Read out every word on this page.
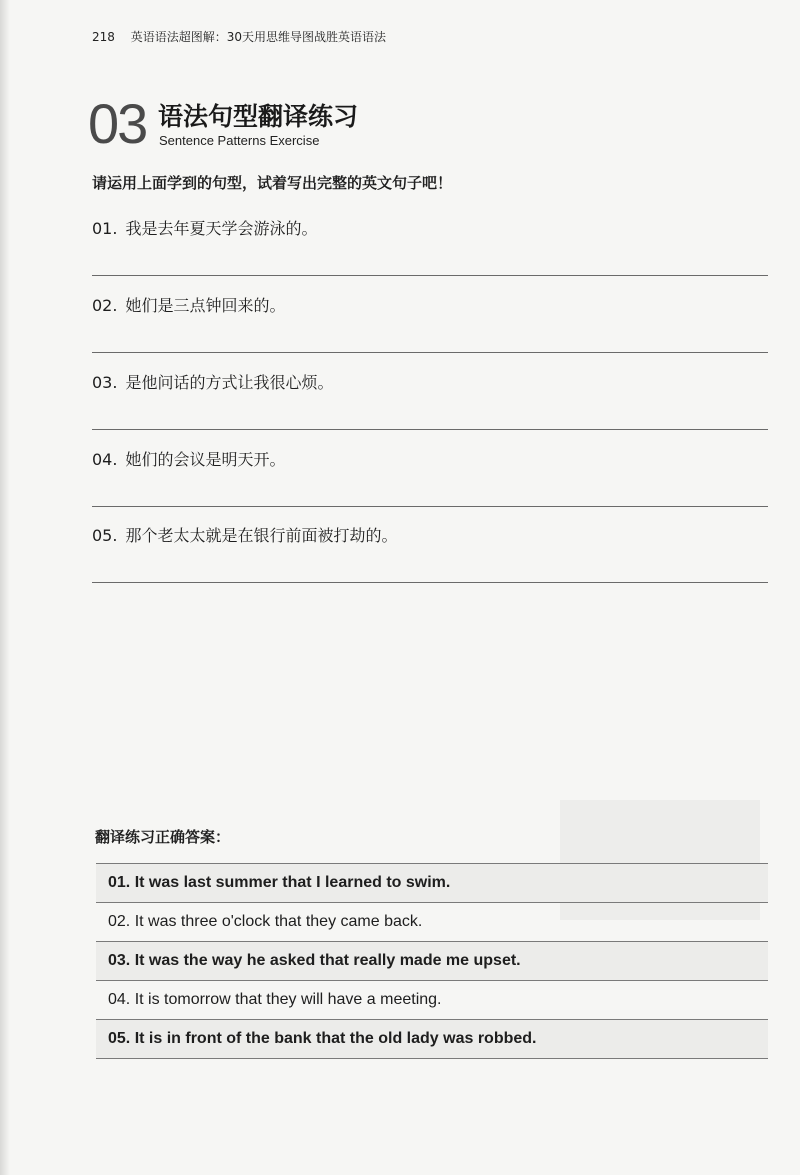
218 英语语法超图解：30天用思维导图战胜英语语法
03 语法句型翻译练习
Sentence Patterns Exercise
请运用上面学到的句型，试着写出完整的英文句子吧！
01. 我是去年夏天学会游泳的。
02. 她们是三点钟回来的。
03. 是他问话的方式让我很心烦。
04. 她们的会议是明天开。
05. 那个老太太就是在银行前面被打劫的。
翻译练习正确答案：
01. It was last summer that I learned to swim.
02. It was three o'clock that they came back.
03. It was the way he asked that really made me upset.
04. It is tomorrow that they will have a meeting.
05. It is in front of the bank that the old lady was robbed.
